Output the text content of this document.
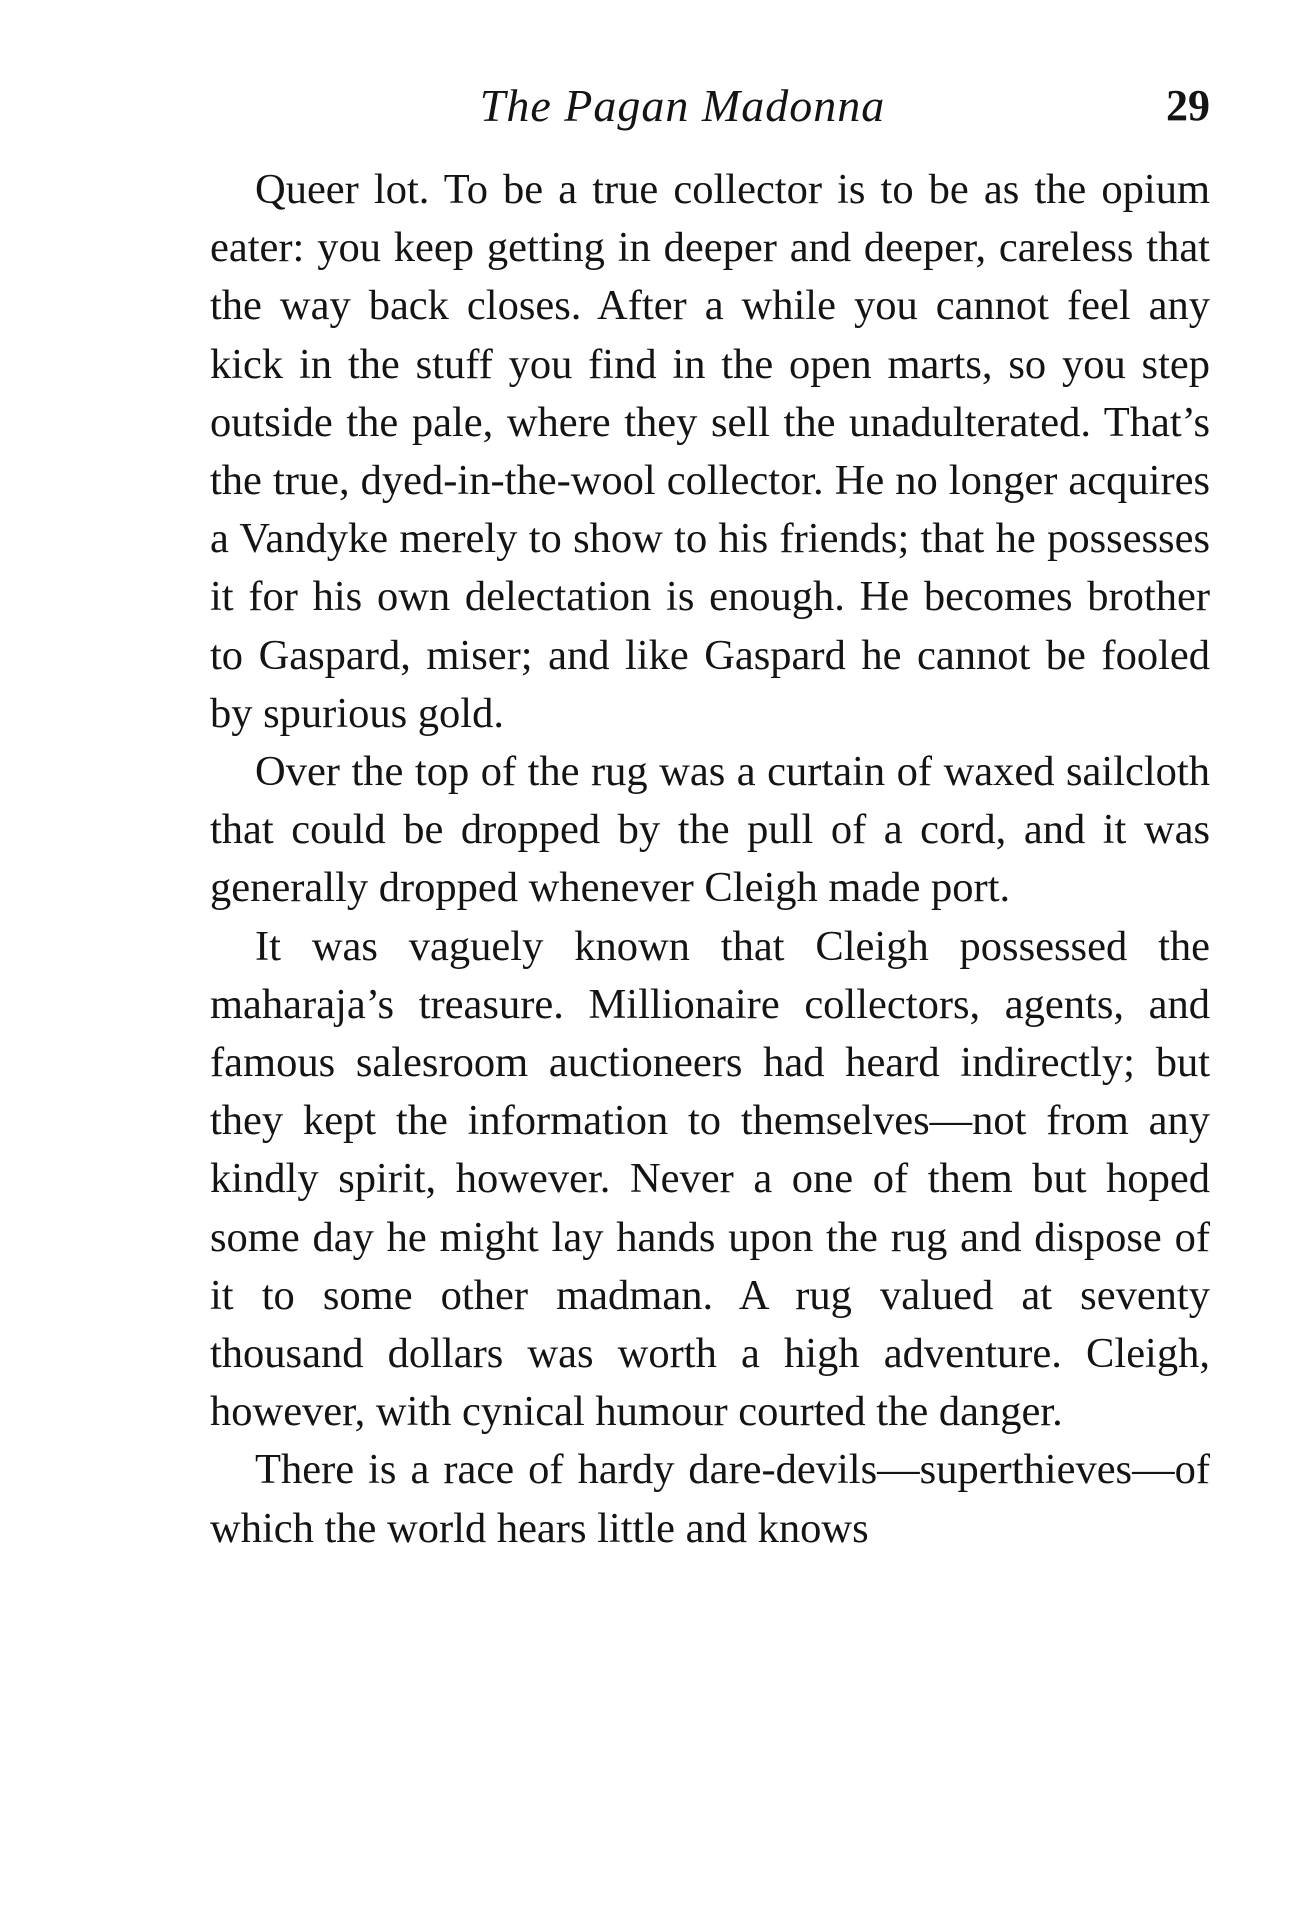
The Pagan Madonna	29

Queer lot. To be a true collector is to be as the opium eater: you keep getting in deeper and deeper, careless that the way back closes. After a while you cannot feel any kick in the stuff you find in the open marts, so you step outside the pale, where they sell the unadulterated. That’s the true, dyed-in-the-wool collector. He no longer acquires a Vandyke merely to show to his friends; that he possesses it for his own delectation is enough. He becomes brother to Gaspard, miser; and like Gaspard he cannot be fooled by spurious gold.

Over the top of the rug was a curtain of waxed sailcloth that could be dropped by the pull of a cord, and it was generally dropped whenever Cleigh made port.

It was vaguely known that Cleigh possessed the maharaja’s treasure. Millionaire collectors, agents, and famous salesroom auctioneers had heard indirectly; but they kept the information to themselves—not from any kindly spirit, however. Never a one of them but hoped some day he might lay hands upon the rug and dispose of it to some other madman. A rug valued at seventy thousand dollars was worth a high adventure. Cleigh, however, with cynical humour courted the danger.

There is a race of hardy dare-devils—superthieves—of which the world hears little and knows
